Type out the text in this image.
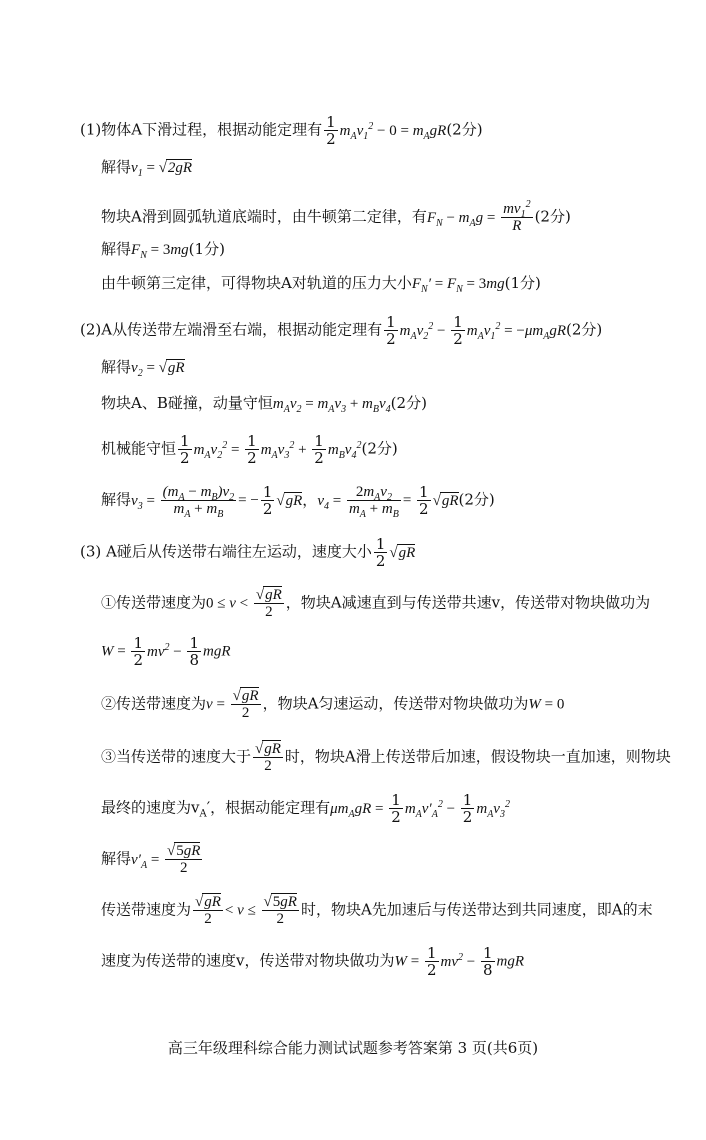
(1)物体A下滑过程，根据动能定理有 $\frac{1}{2} m_Av_1^2 - 0 = m_AgR(2$分)
解得$v_1 = √2gR$
物块A滑到圆弧轨道底端时，由牛顿第二定律，有$F_N - m_Ag = \frac{mv_1^2}{R} (2$分)
解得$F_N = 3mg(1$分)
由牛顿第三定律，可得物块A对轨道的压力大小$F_N' = F_N = 3mg(1$分)
(2)A从传送带左端滑至右端，根据动能定理有 $\frac{1}{2} m_Av_2^2 - \frac{1}{2} m_Av_1^2 = -\mu m_AgR(2$分)
解得$v_2 = √gR$
物块A、B碰撞，动量守恒$m_Av_2 = m_Av_3 + m_Bv_4(2$分)
机械能守恒 $\frac{1}{2} m_Av_2^2 = \frac{1}{2} m_Av_3^2 + \frac{1}{2} m_Bv_4^2(2$分)
解得$v_3 = \frac{(m_A - m_B)v_2}{m_A + m_B}$ = − $\frac{1}{2} √gR$，$v_4 = \frac{2m_Av_2}{m_A + m_B} = \frac{1}{2} √gR(2$分)
(3) A碰后从传送带右端往左运动，速度大小 $\frac{1}{2} √gR$
①传送带速度为$0 \le v < \frac{√gR}{2}$ ，物块A减速直到与传送带共速v，传送带对物块做功为
$W = \frac{1}{2} mv^2 - \frac{1}{8}$ mgR
②传送带速度为$v = \frac{√gR}{2}$ ，物块A匀速运动，传送带对物块做功为W = 0
③当传送带的速度大于 $\frac{√gR}{2}$ 时，物块A滑上传送带后加速，假设物块一直加速，则物块
最终的速度为$v_A'$，根据动能定理有$\mu m_AgR = \frac{1}{2} m_Av'_A^2 - \frac{1}{2} m_Av_3^2$
解得$v'_A = \frac{√5gR}{2}$
传送带速度为 $\frac{√gR}{2} < v \le \frac{√5gR}{2}$ 时，物块A先加速后与传送带达到共同速度，即A的末
速度为传送带的速度v，传送带对物块做功为$W = \frac{1}{2} mv^2 - \frac{1}{8}$ mgR
高三年级理科综合能力测试试题参考答案第 3 页(共6页)
